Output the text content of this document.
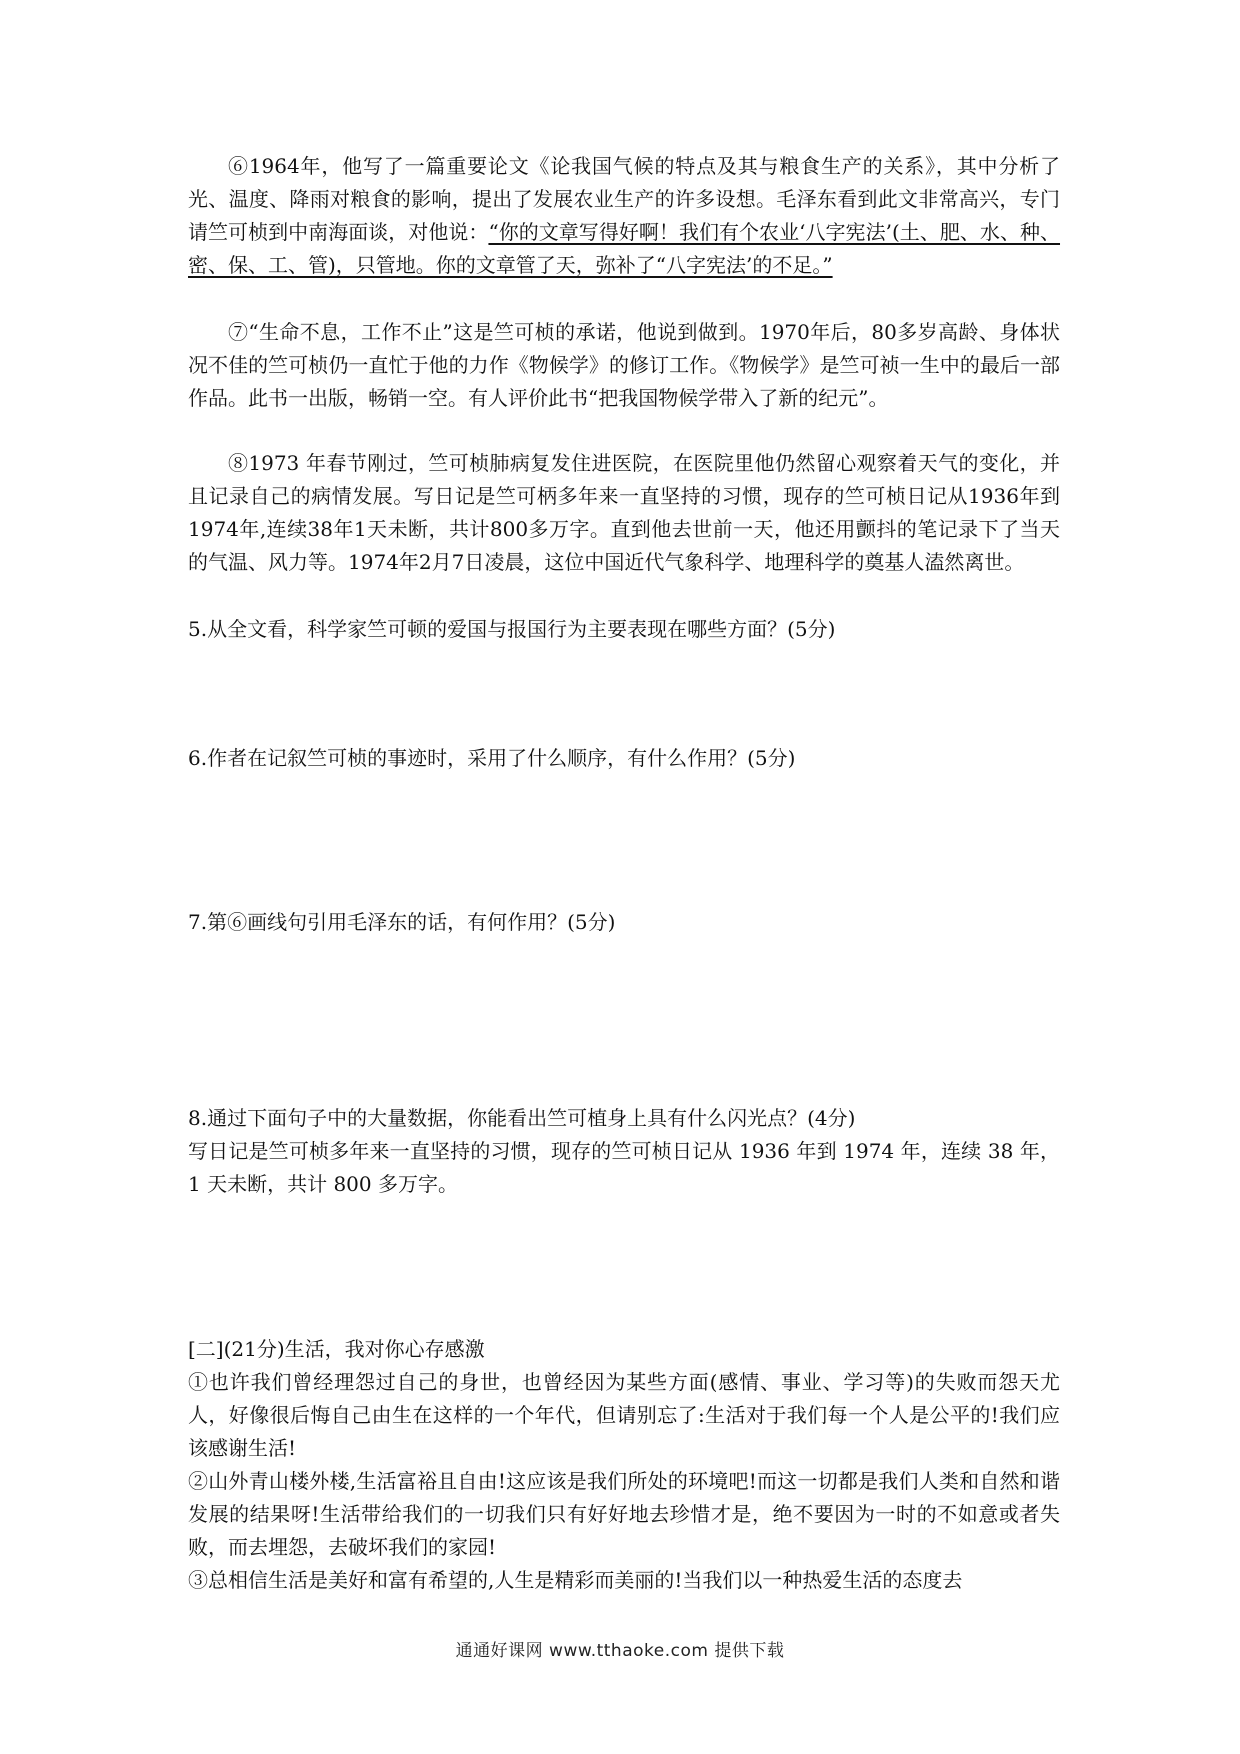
⑥1964年，他写了一篇重要论文《论我国气候的特点及其与粮食生产的关系》，其中分析了光、温度、降雨对粮食的影响，提出了发展农业生产的许多设想。毛泽东看到此文非常高兴，专门请竺可桢到中南海面谈，对他说：“你的文章写得好啊！我们有个农业‘八字宪法’(土、肥、水、种、密、保、工、管)，只管地。你的文章管了天，弥补了“八字宪法’的不足。”
⑦“生命不息，工作不止”这是竺可桢的承诺，他说到做到。1970年后，80多岁高龄、身体状况不佳的竺可桢仍一直忙于他的力作《物候学》的修订工作。《物候学》是竺可祯一生中的最后一部作品。此书一出版，畅销一空。有人评价此书“把我国物候学带入了新的纪元”。
⑧1973 年春节刚过，竺可桢肺病复发住进医院，在医院里他仍然留心观察着天气的变化，并且记录自己的病情发展。写日记是竺可柄多年来一直坚持的习惯，现存的竺可桢日记从1936年到1974年,连续38年1天未断，共计800多万字。直到他去世前一天，他还用颤抖的笔记录下了当天的气温、风力等。1974年2月7日凌晨，这位中国近代气象科学、地理科学的奠基人溘然离世。
5.从全文看，科学家竺可顿的爱国与报国行为主要表现在哪些方面？(5分)
6.作者在记叙竺可桢的事迹时，采用了什么顺序，有什么作用？(5分)
7.第⑥画线句引用毛泽东的话，有何作用？(5分)
8.通过下面句子中的大量数据，你能看出竺可植身上具有什么闪光点？(4分)
写日记是竺可桢多年来一直坚持的习惯，现存的竺可桢日记从 1936 年到 1974 年，连续 38 年，1 天未断，共计 800 多万字。
[二](21分)生活，我对你心存感激
①也许我们曾经理怨过自己的身世，也曾经因为某些方面(感情、事业、学习等)的失败而怨天尤人，好像很后悔自己由生在这样的一个年代，但请别忘了:生活对于我们每一个人是公平的!我们应该感谢生活!
②山外青山楼外楼,生活富裕且自由!这应该是我们所处的环境吧!而这一切都是我们人类和自然和谐发展的结果呀!生活带给我们的一切我们只有好好地去珍惜才是，绝不要因为一时的不如意或者失败，而去埋怨，去破坏我们的家园!
③总相信生活是美好和富有希望的,人生是精彩而美丽的!当我们以一种热爱生活的态度去
通通好课网 www.tthaoke.com 提供下载
